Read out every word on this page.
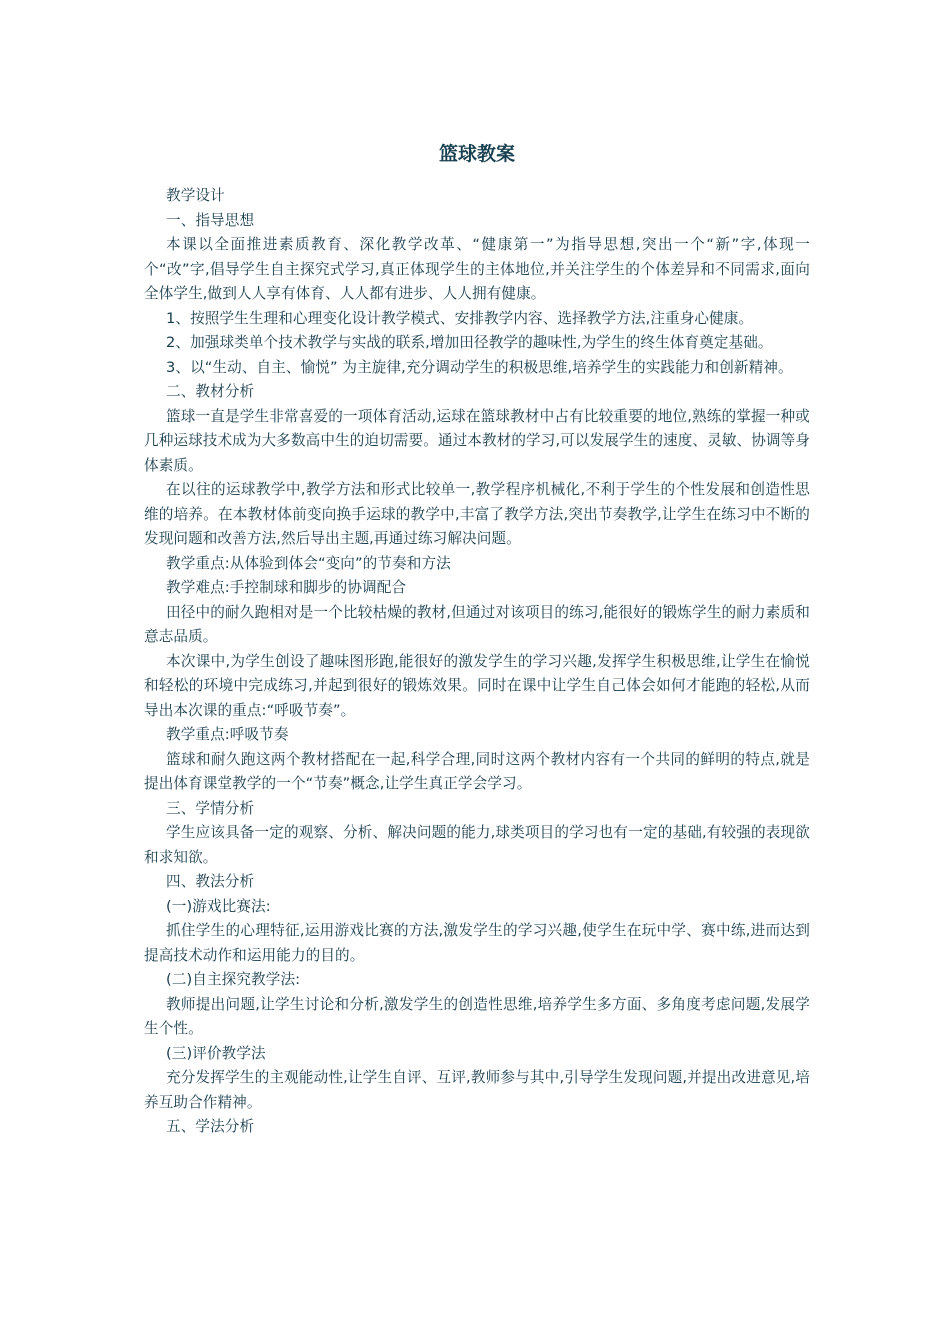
篮球教案

教学设计

一、指导思想

本课以全面推进素质教育、深化教学改革、“健康第一”为指导思想,突出一个“新”字,体现一个“改”字,倡导学生自主探究式学习,真正体现学生的主体地位,并关注学生的个体差异和不同需求,面向全体学生,做到人人享有体育、人人都有进步、人人拥有健康。

1、按照学生生理和心理变化设计教学模式、安排教学内容、选择教学方法,注重身心健康。

2、加强球类单个技术教学与实战的联系,增加田径教学的趣味性,为学生的终生体育奠定基础。

3、以“生动、自主、愉悦” 为主旋律,充分调动学生的积极思维,培养学生的实践能力和创新精神。

二、教材分析

篮球一直是学生非常喜爱的一项体育活动,运球在篮球教材中占有比较重要的地位,熟练的掌握一种或几种运球技术成为大多数高中生的迫切需要。通过本教材的学习,可以发展学生的速度、灵敏、协调等身体素质。

在以往的运球教学中,教学方法和形式比较单一,教学程序机械化,不利于学生的个性发展和创造性思维的培养。在本教材体前变向换手运球的教学中,丰富了教学方法,突出节奏教学,让学生在练习中不断的发现问题和改善方法,然后导出主题,再通过练习解决问题。

教学重点:从体验到体会“变向”的节奏和方法

教学难点:手控制球和脚步的协调配合

田径中的耐久跑相对是一个比较枯燥的教材,但通过对该项目的练习,能很好的锻炼学生的耐力素质和意志品质。

本次课中,为学生创设了趣味图形跑,能很好的激发学生的学习兴趣,发挥学生积极思维,让学生在愉悦和轻松的环境中完成练习,并起到很好的锻炼效果。同时在课中让学生自己体会如何才能跑的轻松,从而导出本次课的重点:“呼吸节奏”。

教学重点:呼吸节奏

篮球和耐久跑这两个教材搭配在一起,科学合理,同时这两个教材内容有一个共同的鲜明的特点,就是提出体育课堂教学的一个“节奏”概念,让学生真正学会学习。

三、学情分析

学生应该具备一定的观察、分析、解决问题的能力,球类项目的学习也有一定的基础,有较强的表现欲和求知欲。

四、教法分析

(一)游戏比赛法:

抓住学生的心理特征,运用游戏比赛的方法,激发学生的学习兴趣,使学生在玩中学、赛中练,进而达到提高技术动作和运用能力的目的。

(二)自主探究教学法:

教师提出问题,让学生讨论和分析,激发学生的创造性思维,培养学生多方面、多角度考虑问题,发展学生个性。

(三)评价教学法

充分发挥学生的主观能动性,让学生自评、互评,教师参与其中,引导学生发现问题,并提出改进意见,培养互助合作精神。

五、学法分析
